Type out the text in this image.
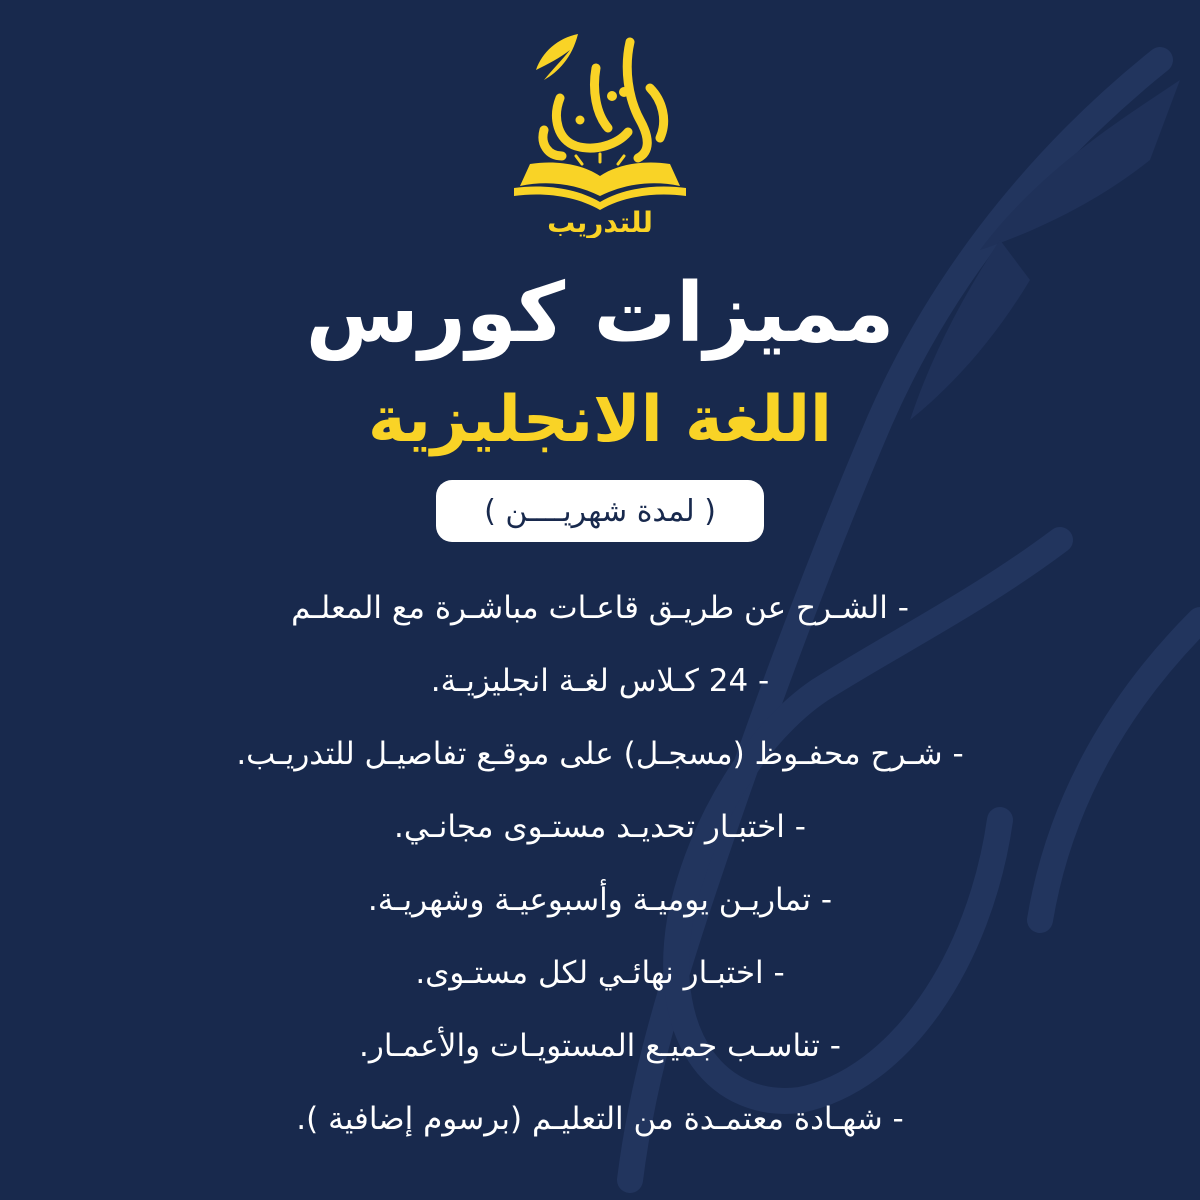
للتدريب
مميزات كورس
اللغة الانجليزية
( لمدة شهريــــن )
- الشـرح عن طريـق قاعـات مباشـرة مع المعلـم
- 24 كـلاس لغـة انجليزيـة.
- شـرح محفـوظ (مسجـل) على موقـع تفاصيـل للتدريـب.
- اختبـار تحديـد مستـوى مجانـي.
- تماريـن يوميـة وأسبوعيـة وشهريـة.
- اختبـار نهائـي لكل مستـوى.
- تناسـب جميـع المستويـات والأعمـار.
- شهـادة معتمـدة من التعليـم (برسوم إضافية ).
